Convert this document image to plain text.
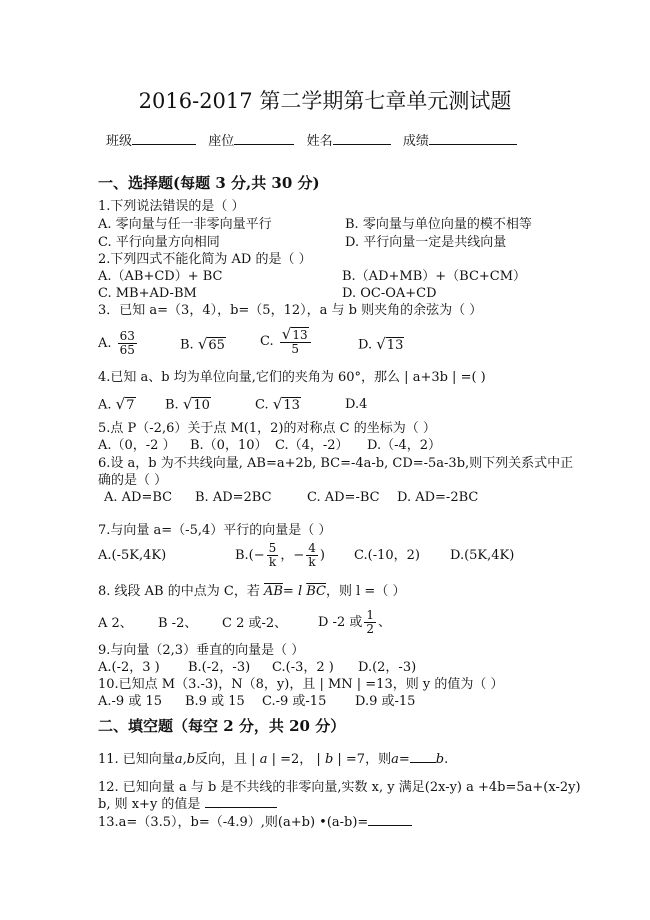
2016-2017 第二学期第七章单元测试题
班级	座位	姓名	成绩
一、选择题(每题 3 分,共 30 分)
1.下列说法错误的是（ ）
A. 零向量与任一非零向量平行	B. 零向量与单位向量的模不相等
C. 平行向量方向相同	D. 平行向量一定是共线向量
2.下列四式不能化简为 AD 的是（ ）
A.（AB+CD）+ BC	B.（AD+MB）+（BC+CM）
C. MB+AD-BM	D. OC-OA+CD
3．已知 a=（3，4），b=（5，12），a 与 b 则夹角的余弦为（ ）
A. $\frac{63}{65}$	B. √65	C. $\frac{√13}{5}$	D. √13
4.已知 a、b 均为单位向量,它们的夹角为 60°，那么 | a+3b | =( )
A. √7 B. √10	C. √13	D.4
5.点 P（-2,6）关于点 M(1，2)的对称点 C 的坐标为（ ）
A.（0，-2 ） B.（0，10） C.（4，-2） D.（-4，2）
6.设 a，b 为不共线向量, AB=a+2b, BC=-4a-b, CD=-5a-3b,则下列关系式中正
确的是（ ）
A. AD=BC B. AD=2BC	C. AD=-BC D. AD=-2BC
7.与向量 a=（-5,4）平行的向量是（ ）
A.(-5K,4K)	$B.(- \frac{5}{k}$ ，− $\frac{4}{k}$ ) C.(-10，2) D.(5K,4K)
8. 线段 AB 的中点为 C，若 $\overline{AB}= l$ $\overline{BC}$，则 l =（ ）
A 2、 B -2、 C 2 或-2、 D -2 或 $\frac{1}{2}$ 、
9.与向量（2,3）垂直的向量是（ ）
A.(-2，3 ) B.(-2，-3) C.(-3，2 ) D.(2，-3)
10.已知点 M（3.-3)，N（8，y)，且 | MN | =13，则 y 的值为（ ）
A.-9 或 15 B.9 或 15 C.-9 或-15 D.9 或-15
二、填空题（每空 2 分，共 20 分）
11. 已知向量a,b反向，且 | a | =2， | b | =7，则a= b.
12. 已知向量 a 与 b 是不共线的非零向量,实数 x, y 满足(2x-y) a +4b=5a+(x-2y)
b, 则 x+y 的值是
13.a=（3.5），b=（-4.9）,则(a+b) •(a-b)=
